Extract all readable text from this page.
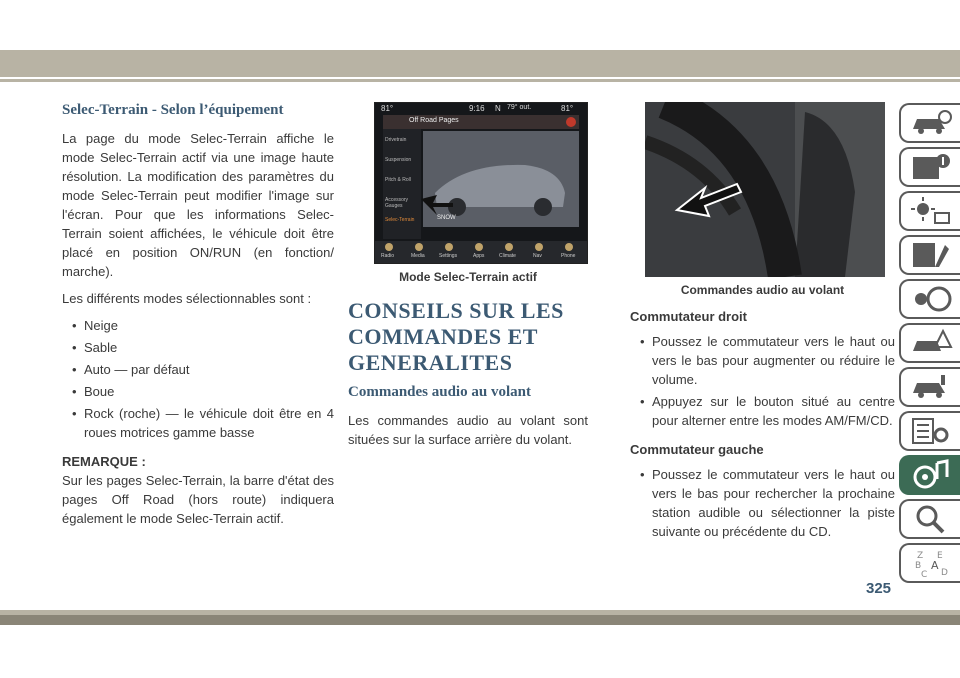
Selec-Terrain - Selon l’équipement

La page du mode Selec-Terrain affiche le mode Selec-Terrain actif via une image haute résolution. La modification des paramètres du mode Selec-Terrain peut modifier l'image sur l'écran. Pour que les informations Selec-Terrain soient affichées, le véhicule doit être placé en position ON/RUN (en fonction/ marche).

Les différents modes sélectionnables sont :

• Neige
• Sable
• Auto — par défaut
• Boue
• Rock (roche) — le véhicule doit être en 4 roues motrices gamme basse

REMARQUE :

Sur les pages Selec-Terrain, la barre d'état des pages Off Road (hors route) indiquera également le mode Selec-Terrain actif.

81°	9:16 N 79° out.	81°
Off Road Pages
Drivetrain
Suspension
Pitch & Roll
Accessory Gauges
Selec-Terrain	SNOW
Radio	Media	Settings	Apps	Climate	Nav	Phone

Mode Selec-Terrain actif

CONSEILS SUR LES COMMANDES ET GENERALITES
Commandes audio au volant

Les commandes audio au volant sont situées sur la surface arrière du volant.

Commandes audio au volant

Commutateur droit

• Poussez le commutateur vers le haut ou vers le bas pour augmenter ou réduire le volume.
• Appuyez sur le bouton situé au centre pour alterner entre les modes AM/FM/CD.

Commutateur gauche

• Poussez le commutateur vers le haut ou vers le bas pour rechercher la prochaine station audible ou sélectionner la piste suivante ou précédente du CD.
Z E
B A
C D
325
